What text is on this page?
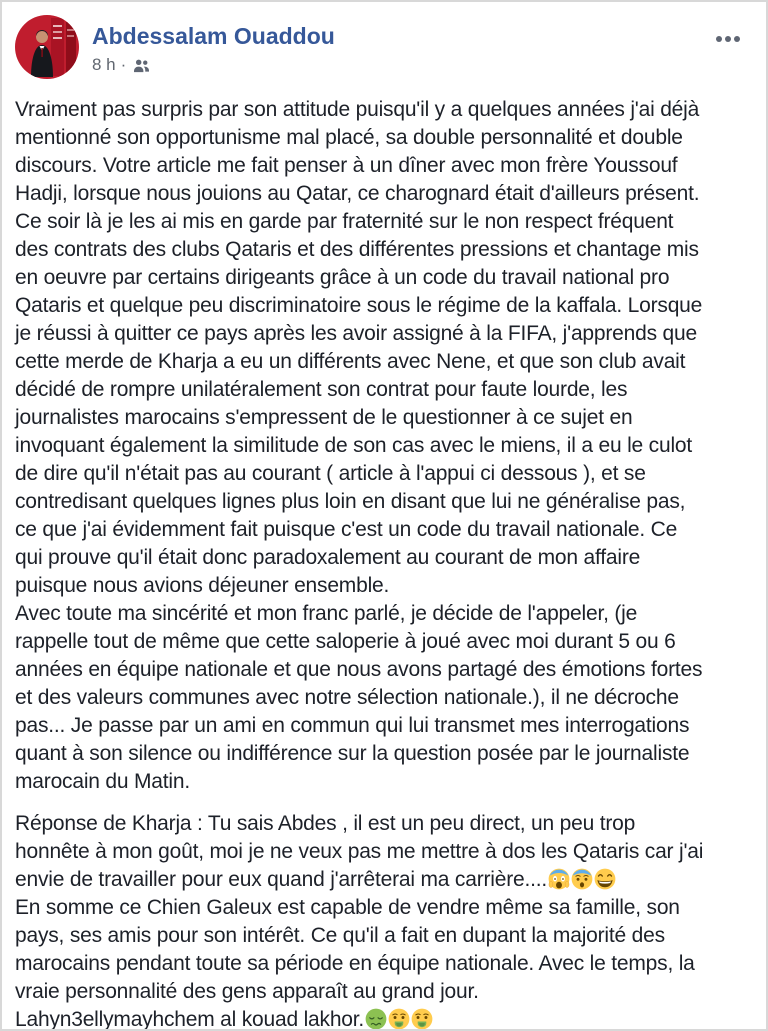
Abdessalam Ouaddou
8 h ·
Vraiment pas surpris par son attitude puisqu'il y a quelques années j'ai déjà
mentionné son opportunisme mal placé, sa double personnalité et double
discours. Votre article me fait penser à un dîner avec mon frère Youssouf
Hadji, lorsque nous jouions au Qatar, ce charognard était d'ailleurs présent.
Ce soir là je les ai mis en garde par fraternité sur le non respect fréquent
des contrats des clubs Qataris et des différentes pressions et chantage mis
en oeuvre par certains dirigeants grâce à un code du travail national pro
Qataris et quelque peu discriminatoire sous le régime de la kaffala. Lorsque
je réussi à quitter ce pays après les avoir assigné à la FIFA, j'apprends que
cette merde de Kharja a eu un différents avec Nene, et que son club avait
décidé de rompre unilatéralement son contrat pour faute lourde, les
journalistes marocains s'empressent de le questionner à ce sujet en
invoquant également la similitude de son cas avec le miens, il a eu le culot
de dire qu'il n'était pas au courant ( article à l'appui ci dessous ), et se
contredisant quelques lignes plus loin en disant que lui ne généralise pas,
ce que j'ai évidemment fait puisque c'est un code du travail nationale. Ce
qui prouve qu'il était donc paradoxalement au courant de mon affaire
puisque nous avions déjeuner ensemble.
Avec toute ma sincérité et mon franc parlé, je décide de l'appeler, (je
rappelle tout de même que cette saloperie à joué avec moi durant 5 ou 6
années en équipe nationale et que nous avons partagé des émotions fortes
et des valeurs communes avec notre sélection nationale.), il ne décroche
pas... Je passe par un ami en commun qui lui transmet mes interrogations
quant à son silence ou indifférence sur la question posée par le journaliste
marocain du Matin.
Réponse de Kharja : Tu sais Abdes , il est un peu direct, un peu trop
honnête à mon goût, moi je ne veux pas me mettre à dos les Qataris car j'ai
envie de travailler pour eux quand j'arrêterai ma carrière....
En somme ce Chien Galeux est capable de vendre même sa famille, son
pays, ses amis pour son intérêt. Ce qu'il a fait en dupant la majorité des
marocains pendant toute sa période en équipe nationale. Avec le temps, la
vraie personnalité des gens apparaît au grand jour.
Lahyn3ellymayhchem al kouad lakhor.
